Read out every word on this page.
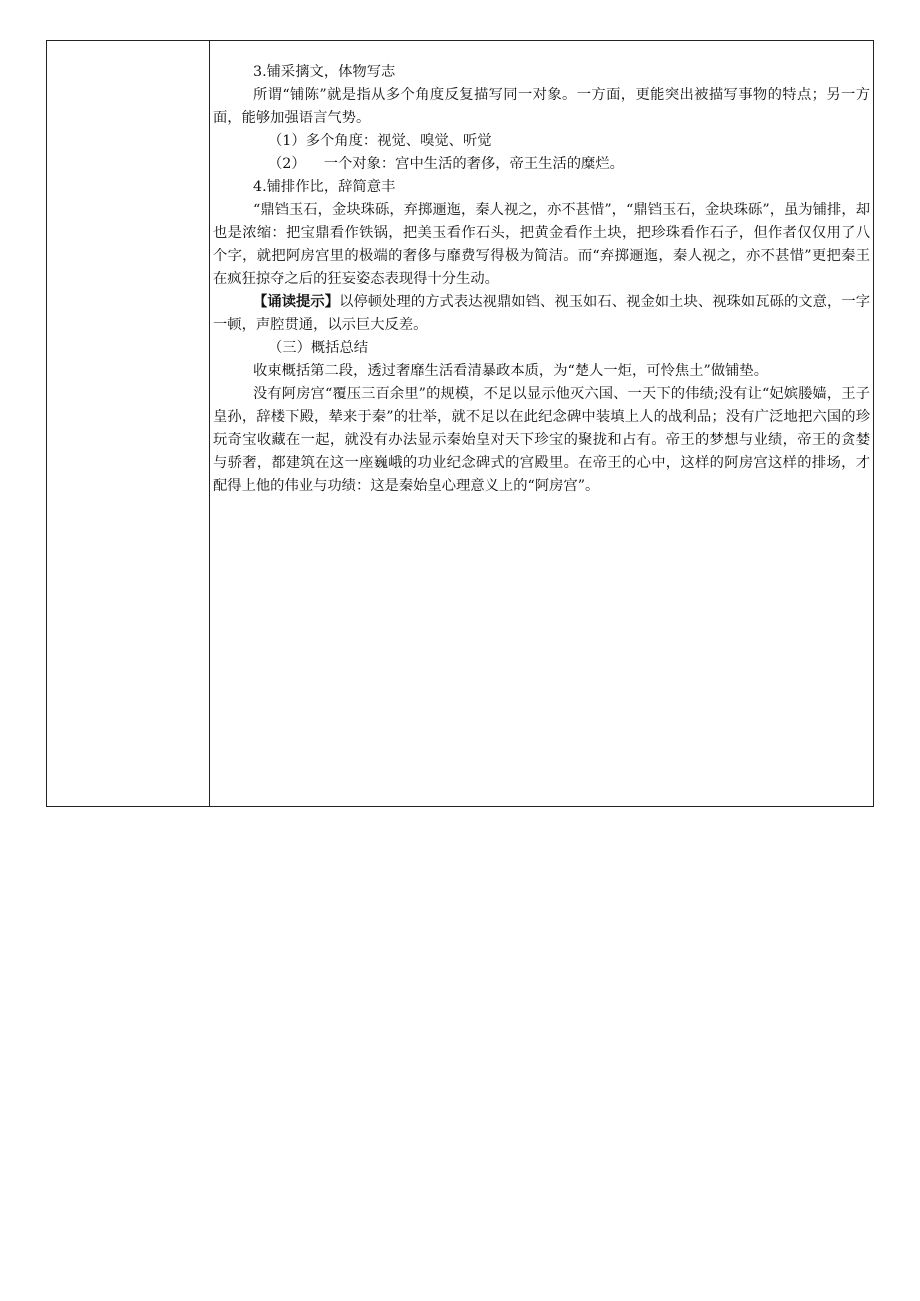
3.铺采摛文，体物写志

所谓“铺陈”就是指从多个角度反复描写同一对象。一方面，更能突出被描写事物的特点；另一方面，能够加强语言气势。

（1）多个角度：视觉、嗅觉、听觉

（2） 一个对象：宫中生活的奢侈，帝王生活的糜烂。

4.铺排作比，辞简意丰

“鼎铛玉石，金块珠砾，弃掷逦迤，秦人视之，亦不甚惜”，“鼎铛玉石，金块珠砾”，虽为铺排，却也是浓缩：把宝鼎看作铁锅，把美玉看作石头，把黄金看作土块，把珍珠看作石子，但作者仅仅用了八个字，就把阿房宫里的极端的奢侈与靡费写得极为简洁。而“弃掷逦迤，秦人视之，亦不甚惜”更把秦王在疯狂掠夺之后的狂妄姿态表现得十分生动。

【诵读提示】以停顿处理的方式表达视鼎如铛、视玉如石、视金如土块、视珠如瓦砾的文意，一字一顿，声腔贯通，以示巨大反差。

（三）概括总结

收束概括第二段，透过奢靡生活看清暴政本质，为“楚人一炬，可怜焦土”做铺垫。

没有阿房宫“覆压三百余里”的规模，不足以显示他灭六国、一天下的伟绩;没有让“妃嫔媵嫱，王子皇孙，辞楼下殿，辇来于秦”的壮举，就不足以在此纪念碑中装填上人的战利品；没有广泛地把六国的珍玩奇宝收藏在一起，就没有办法显示秦始皇对天下珍宝的聚拢和占有。帝王的梦想与业绩，帝王的贪婪与骄奢，都建筑在这一座巍峨的功业纪念碑式的宫殿里。在帝王的心中，这样的阿房宫这样的排场，才配得上他的伟业与功绩：这是秦始皇心理意义上的“阿房宫”。
